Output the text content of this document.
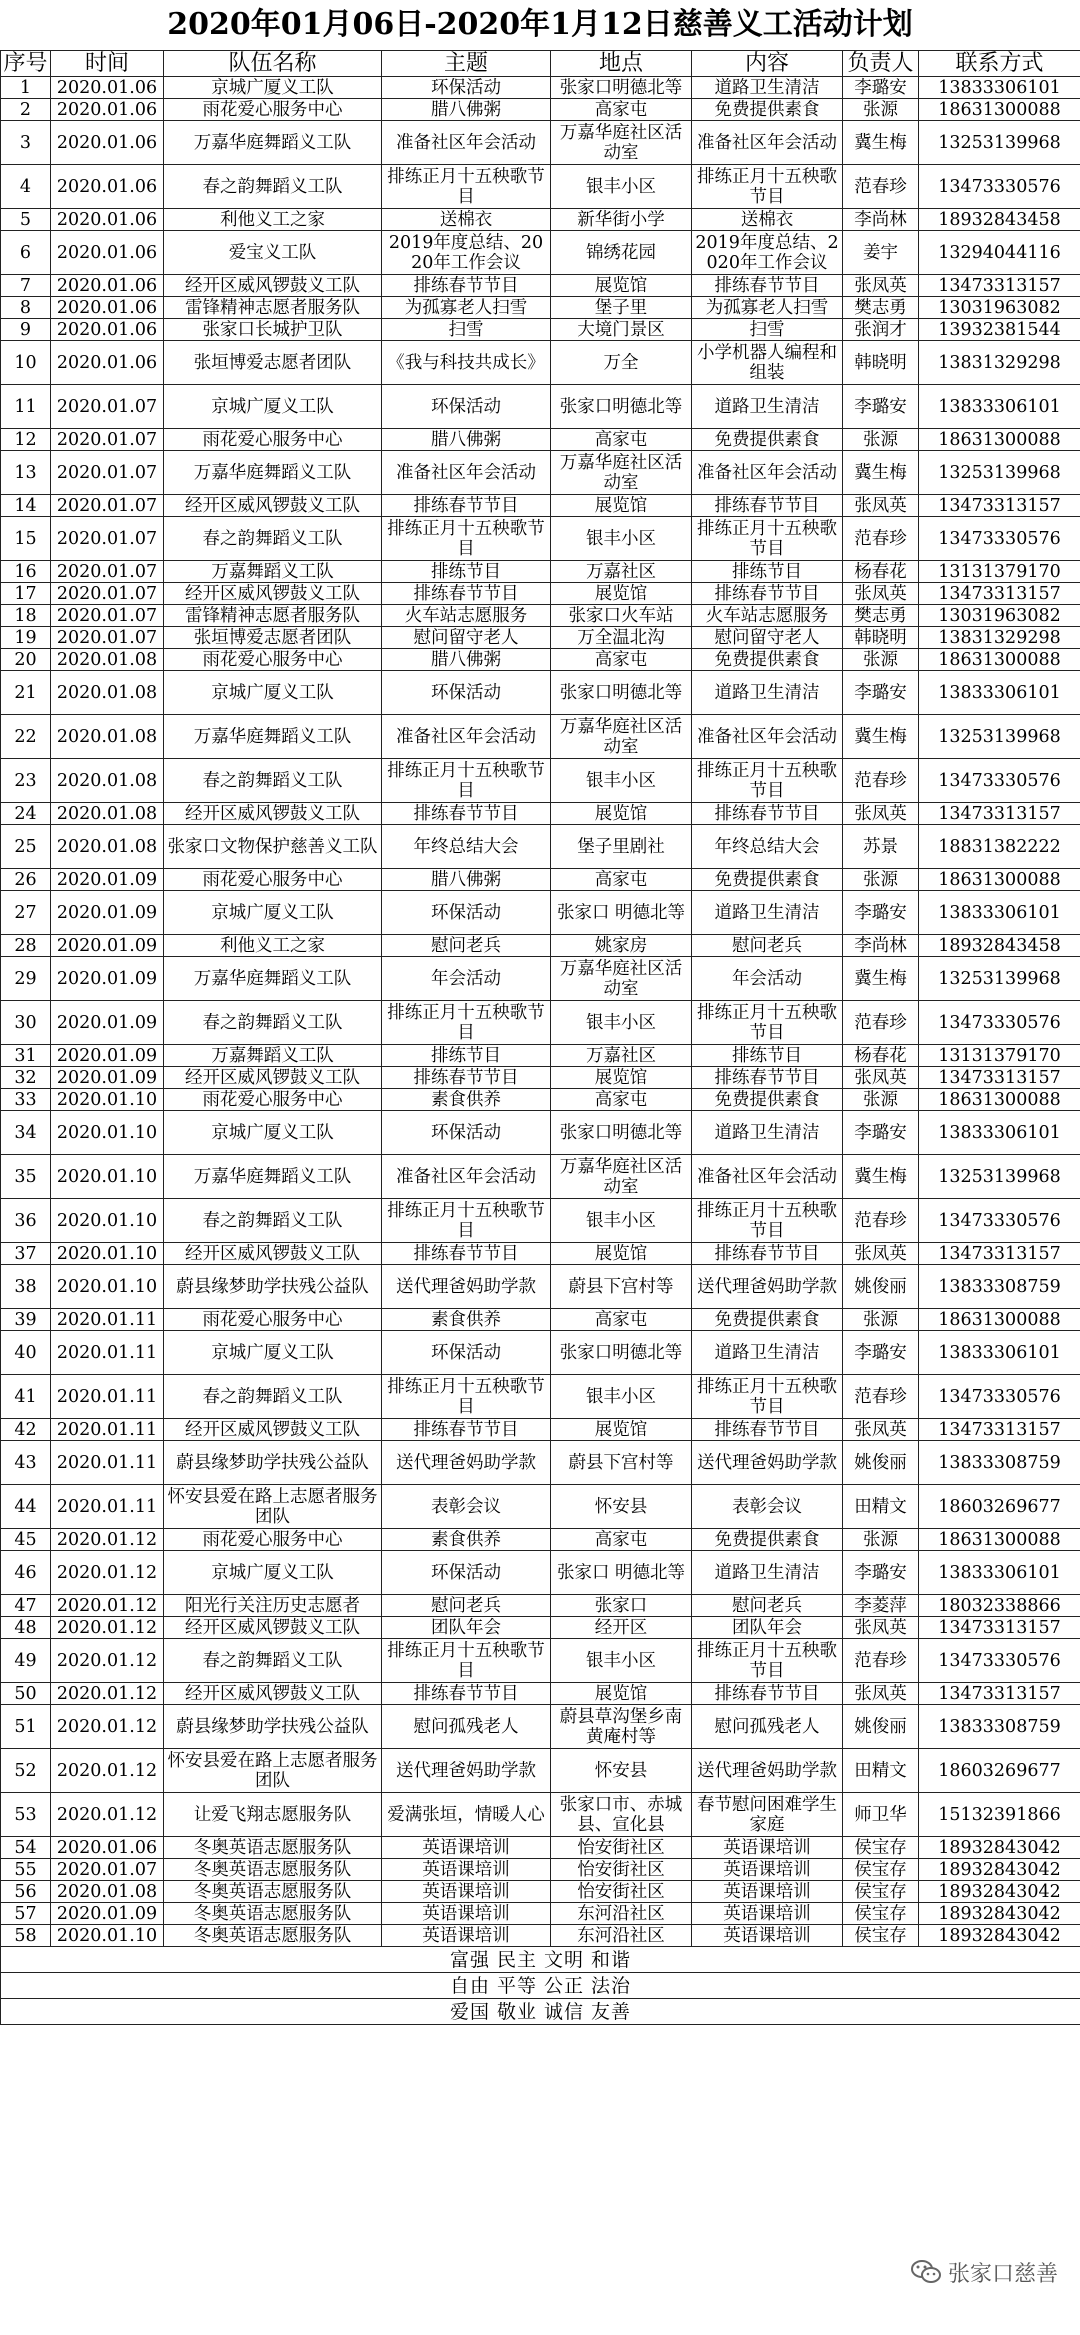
2020年01月06日-2020年1月12日慈善义工活动计划
序号	时间	队伍名称	主题	地点	内容	负责人	联系方式
1	2020.01.06	京城广厦义工队	环保活动	张家口明德北等	道路卫生清洁	李璐安	13833306101
2	2020.01.06	雨花爱心服务中心	腊八佛粥	高家屯	免费提供素食	张源	18631300088
3	2020.01.06	万嘉华庭舞蹈义工队	准备社区年会活动	万嘉华庭社区活动室	准备社区年会活动	冀生梅	13253139968
4	2020.01.06	春之韵舞蹈义工队	排练正月十五秧歌节目	银丰小区	排练正月十五秧歌节目	范春珍	13473330576
5	2020.01.06	利他义工之家	送棉衣	新华街小学	送棉衣	李尚林	18932843458
6	2020.01.06	爱宝义工队	2019年度总结、2020年工作会议	锦绣花园	2019年度总结、2020年工作会议	姜宇	13294044116
7	2020.01.06	经开区威风锣鼓义工队	排练春节节目	展览馆	排练春节节目	张凤英	13473313157
8	2020.01.06	雷锋精神志愿者服务队	为孤寡老人扫雪	堡子里	为孤寡老人扫雪	樊志勇	13031963082
9	2020.01.06	张家口长城护卫队	扫雪	大境门景区	扫雪	张润才	13932381544
10	2020.01.06	张垣博爱志愿者团队	《我与科技共成长》	万全	小学机器人编程和组装	韩晓明	13831329298
11	2020.01.07	京城广厦义工队	环保活动	张家口明德北等	道路卫生清洁	李璐安	13833306101
12	2020.01.07	雨花爱心服务中心	腊八佛粥	高家屯	免费提供素食	张源	18631300088
13	2020.01.07	万嘉华庭舞蹈义工队	准备社区年会活动	万嘉华庭社区活动室	准备社区年会活动	冀生梅	13253139968
14	2020.01.07	经开区威风锣鼓义工队	排练春节节目	展览馆	排练春节节目	张凤英	13473313157
15	2020.01.07	春之韵舞蹈义工队	排练正月十五秧歌节目	银丰小区	排练正月十五秧歌节目	范春珍	13473330576
16	2020.01.07	万嘉舞蹈义工队	排练节目	万嘉社区	排练节目	杨春花	13131379170
17	2020.01.07	经开区威风锣鼓义工队	排练春节节目	展览馆	排练春节节目	张凤英	13473313157
18	2020.01.07	雷锋精神志愿者服务队	火车站志愿服务	张家口火车站	火车站志愿服务	樊志勇	13031963082
19	2020.01.07	张垣博爱志愿者团队	慰问留守老人	万全温北沟	慰问留守老人	韩晓明	13831329298
20	2020.01.08	雨花爱心服务中心	腊八佛粥	高家屯	免费提供素食	张源	18631300088
21	2020.01.08	京城广厦义工队	环保活动	张家口明德北等	道路卫生清洁	李璐安	13833306101
22	2020.01.08	万嘉华庭舞蹈义工队	准备社区年会活动	万嘉华庭社区活动室	准备社区年会活动	冀生梅	13253139968
23	2020.01.08	春之韵舞蹈义工队	排练正月十五秧歌节目	银丰小区	排练正月十五秧歌节目	范春珍	13473330576
24	2020.01.08	经开区威风锣鼓义工队	排练春节节目	展览馆	排练春节节目	张凤英	13473313157
25	2020.01.08	张家口文物保护慈善义工队	年终总结大会	堡子里剧社	年终总结大会	苏景	18831382222
26	2020.01.09	雨花爱心服务中心	腊八佛粥	高家屯	免费提供素食	张源	18631300088
27	2020.01.09	京城广厦义工队	环保活动	张家口 明德北等	道路卫生清洁	李璐安	13833306101
28	2020.01.09	利他义工之家	慰问老兵	姚家房	慰问老兵	李尚林	18932843458
29	2020.01.09	万嘉华庭舞蹈义工队	年会活动	万嘉华庭社区活动室	年会活动	冀生梅	13253139968
30	2020.01.09	春之韵舞蹈义工队	排练正月十五秧歌节目	银丰小区	排练正月十五秧歌节目	范春珍	13473330576
31	2020.01.09	万嘉舞蹈义工队	排练节目	万嘉社区	排练节目	杨春花	13131379170
32	2020.01.09	经开区威风锣鼓义工队	排练春节节目	展览馆	排练春节节目	张凤英	13473313157
33	2020.01.10	雨花爱心服务中心	素食供养	高家屯	免费提供素食	张源	18631300088
34	2020.01.10	京城广厦义工队	环保活动	张家口明德北等	道路卫生清洁	李璐安	13833306101
35	2020.01.10	万嘉华庭舞蹈义工队	准备社区年会活动	万嘉华庭社区活动室	准备社区年会活动	冀生梅	13253139968
36	2020.01.10	春之韵舞蹈义工队	排练正月十五秧歌节目	银丰小区	排练正月十五秧歌节目	范春珍	13473330576
37	2020.01.10	经开区威风锣鼓义工队	排练春节节目	展览馆	排练春节节目	张凤英	13473313157
38	2020.01.10	蔚县缘梦助学扶残公益队	送代理爸妈助学款	蔚县下宫村等	送代理爸妈助学款	姚俊丽	13833308759
39	2020.01.11	雨花爱心服务中心	素食供养	高家屯	免费提供素食	张源	18631300088
40	2020.01.11	京城广厦义工队	环保活动	张家口明德北等	道路卫生清洁	李璐安	13833306101
41	2020.01.11	春之韵舞蹈义工队	排练正月十五秧歌节目	银丰小区	排练正月十五秧歌节目	范春珍	13473330576
42	2020.01.11	经开区威风锣鼓义工队	排练春节节目	展览馆	排练春节节目	张凤英	13473313157
43	2020.01.11	蔚县缘梦助学扶残公益队	送代理爸妈助学款	蔚县下宫村等	送代理爸妈助学款	姚俊丽	13833308759
44	2020.01.11	怀安县爱在路上志愿者服务团队	表彰会议	怀安县	表彰会议	田精文	18603269677
45	2020.01.12	雨花爱心服务中心	素食供养	高家屯	免费提供素食	张源	18631300088
46	2020.01.12	京城广厦义工队	环保活动	张家口 明德北等	道路卫生清洁	李璐安	13833306101
47	2020.01.12	阳光行关注历史志愿者	慰问老兵	张家口	慰问老兵	李菱萍	18032338866
48	2020.01.12	经开区威风锣鼓义工队	团队年会	经开区	团队年会	张凤英	13473313157
49	2020.01.12	春之韵舞蹈义工队	排练正月十五秧歌节目	银丰小区	排练正月十五秧歌节目	范春珍	13473330576
50	2020.01.12	经开区威风锣鼓义工队	排练春节节目	展览馆	排练春节节目	张凤英	13473313157
51	2020.01.12	蔚县缘梦助学扶残公益队	慰问孤残老人	蔚县草沟堡乡南黄庵村等	慰问孤残老人	姚俊丽	13833308759
52	2020.01.12	怀安县爱在路上志愿者服务团队	送代理爸妈助学款	怀安县	送代理爸妈助学款	田精文	18603269677
53	2020.01.12	让爱飞翔志愿服务队	爱满张垣，情暖人心	张家口市、赤城县、宣化县	春节慰问困难学生家庭	师卫华	15132391866
54	2020.01.06	冬奥英语志愿服务队	英语课培训	怡安街社区	英语课培训	侯宝存	18932843042
55	2020.01.07	冬奥英语志愿服务队	英语课培训	怡安街社区	英语课培训	侯宝存	18932843042
56	2020.01.08	冬奥英语志愿服务队	英语课培训	怡安街社区	英语课培训	侯宝存	18932843042
57	2020.01.09	冬奥英语志愿服务队	英语课培训	东河沿社区	英语课培训	侯宝存	18932843042
58	2020.01.10	冬奥英语志愿服务队	英语课培训	东河沿社区	英语课培训	侯宝存	18932843042
富强 民主 文明 和谐							
自由 平等 公正 法治							
爱国 敬业 诚信 友善							
张家口慈善
